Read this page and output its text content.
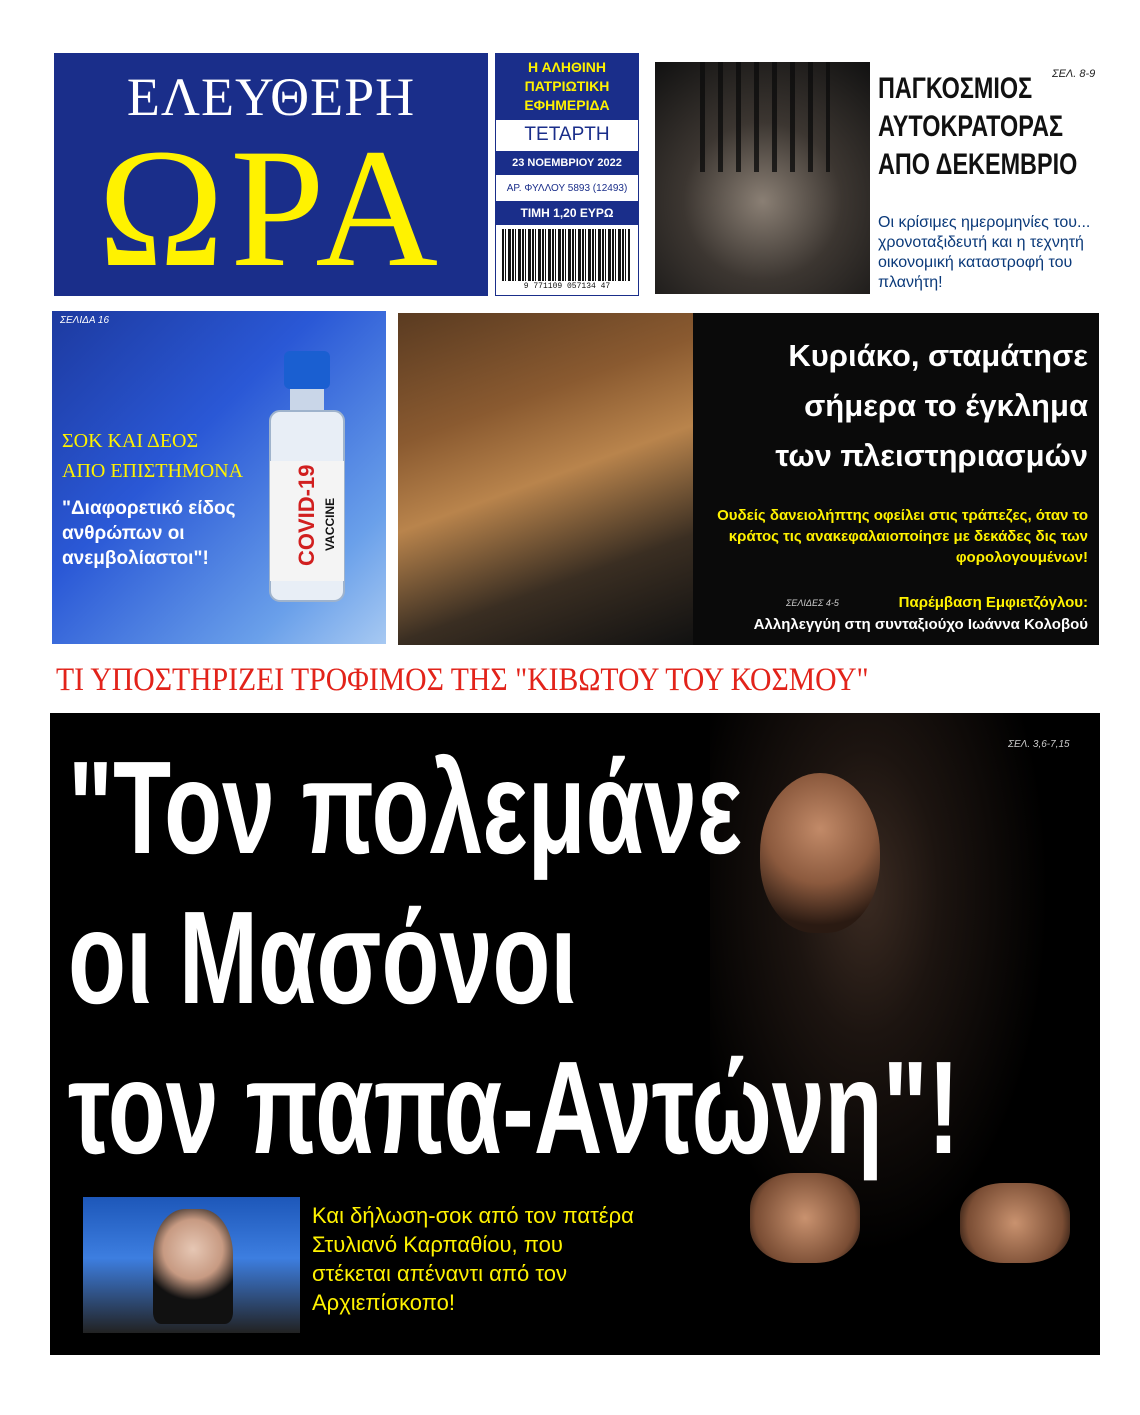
ΕΛΕΥΘΕΡΗ
ΩΡΑ
Η ΑΛΗΘΙΝΗ
ΠΑΤΡΙΩΤΙΚΗ
ΕΦΗΜΕΡΙΔΑ
ΤΕΤΑΡΤΗ
23 ΝΟΕΜΒΡΙΟΥ 2022
ΑΡ. ΦΥΛΛΟΥ 5893 (12493)
ΤΙΜΗ 1,20 ΕΥΡΩ
9 771109 057134 47
ΣΕΛ. 8-9
ΠΑΓΚΟΣΜΙΟΣ
ΑΥΤΟΚΡΑΤΟΡΑΣ
ΑΠΟ ΔΕΚΕΜΒΡΙΟ
Οι κρίσιμες ημερομηνίες του... χρονοταξιδευτή και η τεχνητή οικονομική καταστροφή του πλανήτη!
ΣΕΛΙΔΑ 16
COVID-19 VACCINE
ΣΟΚ ΚΑΙ ΔΕΟΣ
ΑΠΟ ΕΠΙΣΤΗΜΟΝΑ
"Διαφορετικό είδος ανθρώπων οι ανεμβολίαστοι"!
Κυριάκο, σταμάτησε
σήμερα το έγκλημα
των πλειστηριασμών
Ουδείς δανειολήπτης οφείλει στις τράπεζες, όταν το κράτος τις ανακεφαλαιοποίησε με δεκάδες δις των φορολογουμένων!
ΣΕΛΙΔΕΣ 4-5	Παρέμβαση Εμφιετζόγλου:
Αλληλεγγύη στη συνταξιούχο Ιωάννα Κολοβού
ΤΙ ΥΠΟΣΤΗΡΙΖΕΙ ΤΡΟΦΙΜΟΣ ΤΗΣ "ΚΙΒΩΤΟΥ ΤΟΥ ΚΟΣΜΟΥ"
ΣΕΛ. 3,6-7,15
"Τον πολεμάνε
οι Μασόνοι
τον παπα-Αντώνη"!
Και δήλωση-σοκ από τον πατέρα Στυλιανό Καρπαθίου, που στέκεται απέναντι από τον Αρχιεπίσκοπο!
